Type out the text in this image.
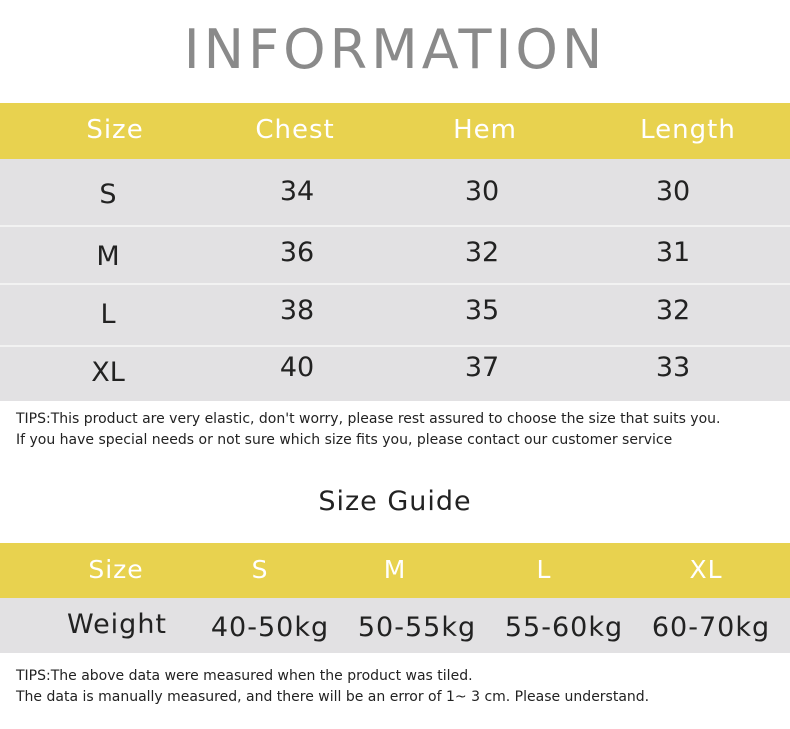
INFORMATION
Size	Chest	Hem	Length
S	34	30	30
M	36	32	31
L	38	35	32
XL	40	37	33
TIPS:This product are very elastic, don't worry, please rest assured to choose the size that suits you.
If you have special needs or not sure which size fits you, please contact our customer service
Size Guide
Size	S	M	L	XL
Weight	40-50kg 50-55kg 55-60kg 60-70kg
TIPS:The above data were measured when the product was tiled.
The data is manually measured, and there will be an error of 1~ 3 cm. Please understand.
